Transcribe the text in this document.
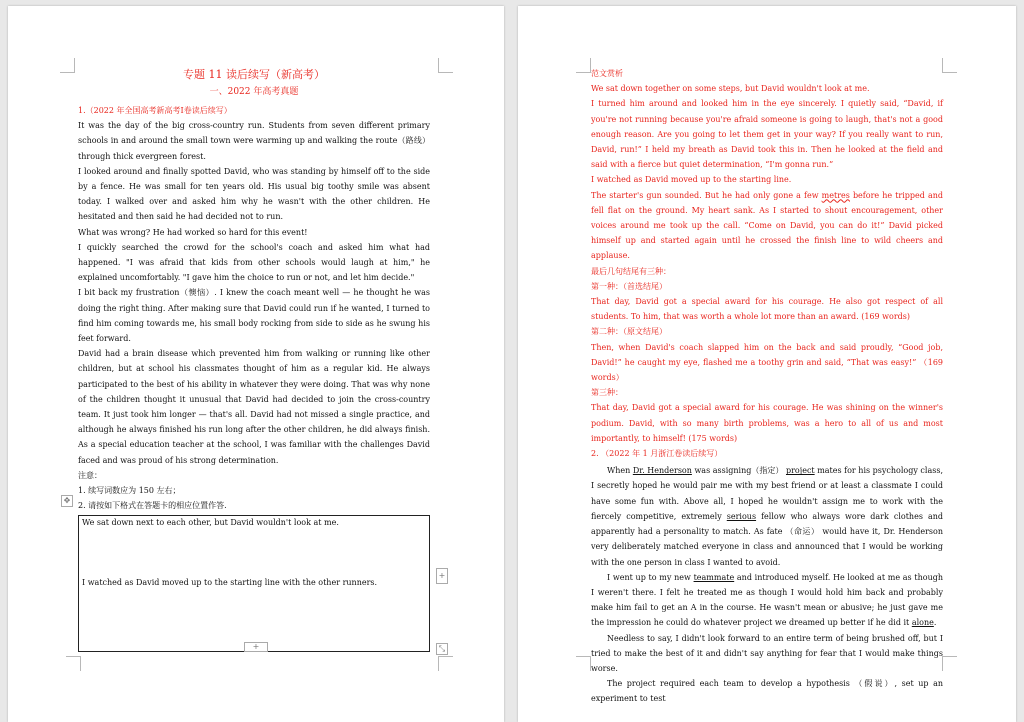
专题 11 读后续写（新高考）
一、2022 年高考真题

1.（2022 年全国高考新高考Ⅰ卷读后续写）

It was the day of the big cross-country run. Students from seven different primary schools in and around the small town were warming up and walking the route（路线）through thick evergreen forest.

I looked around and finally spotted David, who was standing by himself off to the side by a fence. He was small for ten years old. His usual big toothy smile was absent today. I walked over and asked him why he wasn't with the other children. He hesitated and then said he had decided not to run.

What was wrong? He had worked so hard for this event!

I quickly searched the crowd for the school's coach and asked him what had happened. "I was afraid that kids from other schools would laugh at him," he explained uncomfortably. "I gave him the choice to run or not, and let him decide."

I bit back my frustration（懊恼）. I knew the coach meant well — he thought he was doing the right thing. After making sure that David could run if he wanted, I turned to find him coming towards me, his small body rocking from side to side as he swung his feet forward.

David had a brain disease which prevented him from walking or running like other children, but at school his classmates thought of him as a regular kid. He always participated to the best of his ability in whatever they were doing. That was why none of the children thought it unusual that David had decided to join the cross-country team. It just took him longer — that's all. David had not missed a single practice, and although he always finished his run long after the other children, he did always finish. As a special education teacher at the school, I was familiar with the challenges David faced and was proud of his strong determination.

注意：

1. 续写词数应为 150 左右；

2. 请按如下格式在答题卡的相应位置作答.

We sat down next to each other, but David wouldn't look at me.
I watched as David moved up to the starting line with the other runners.
✥
+
+	⤡

范文赏析

We sat down together on some steps, but David wouldn't look at me.

I turned him around and looked him in the eye sincerely. I quietly said, “David, if you're not running because you're afraid someone is going to laugh, that's not a good enough reason. Are you going to let them get in your way? If you really want to run, David, run!” I held my breath as David took this in. Then he looked at the field and said with a fierce but quiet determination, “I'm gonna run.”

I watched as David moved up to the starting line.

The starter's gun sounded. But he had only gone a few metres before he tripped and fell flat on the ground. My heart sank. As I started to shout encouragement, other voices around me took up the call. “Come on David, you can do it!” David picked himself up and started again until he crossed the finish line to wild cheers and applause.

最后几句结尾有三种：

第一种：（首选结尾）

That day, David got a special award for his courage. He also got respect of all students. To him, that was worth a whole lot more than an award. (169 words)

第二种：（原文结尾）

Then, when David's coach slapped him on the back and said proudly, “Good job, David!” he caught my eye, flashed me a toothy grin and said, “That was easy!” （169 words）

第三种：

That day, David got a special award for his courage. He was shining on the winner's podium. David, with so many birth problems, was a hero to all of us and most importantly, to himself! (175 words)

2. （2022 年 1 月浙江卷读后续写）

When Dr. Henderson was assigning（指定） project mates for his psychology class, I secretly hoped he would pair me with my best friend or at least a classmate I could have some fun with. Above all, I hoped he wouldn't assign me to work with the fiercely competitive, extremely serious fellow who always wore dark clothes and apparently had a personality to match. As fate （命运） would have it, Dr. Henderson very deliberately matched everyone in class and announced that I would be working with the one person in class I wanted to avoid.

I went up to my new teammate and introduced myself. He looked at me as though I weren't there. I felt he treated me as though I would hold him back and probably make him fail to get an A in the course. He wasn't mean or abusive; he just gave me the impression he could do whatever project we dreamed up better if he did it alone.

Needless to say, I didn't look forward to an entire term of being brushed off, but I tried to make the best of it and didn't say anything for fear that I would make things worse.

The project required each team to develop a hypothesis （假说）, set up an experiment to test
